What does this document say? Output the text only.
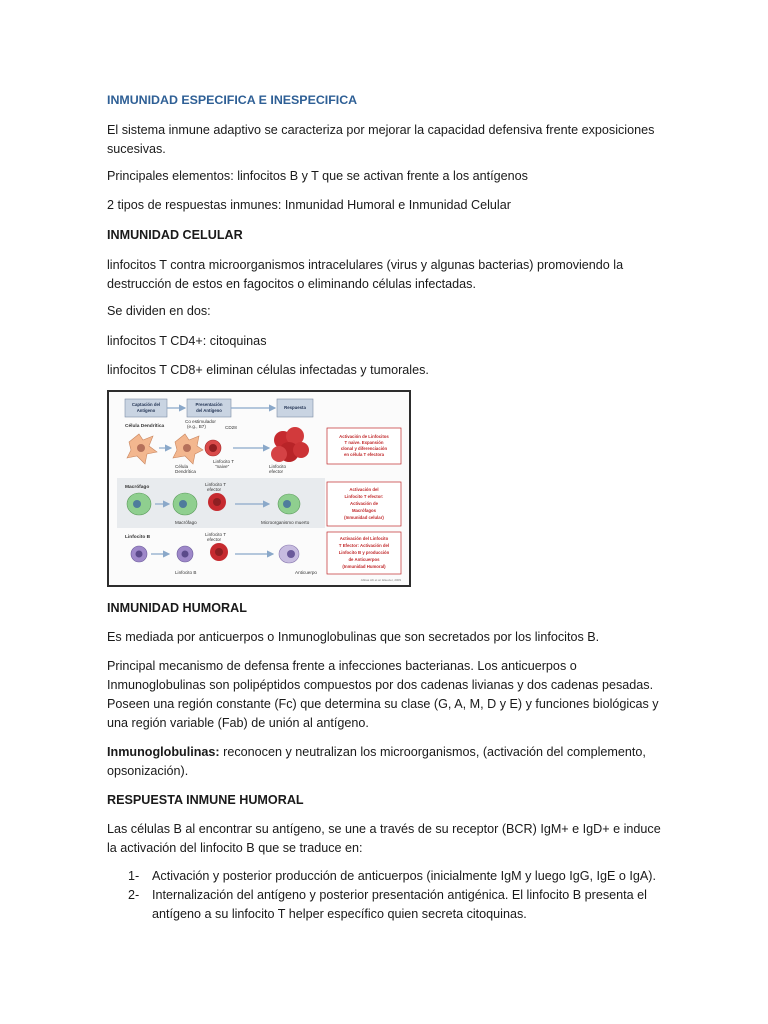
INMUNIDAD ESPECIFICA E INESPECIFICA

El sistema inmune adaptivo se caracteriza por mejorar la capacidad defensiva frente exposiciones sucesivas.

Principales elementos: linfocitos B y T que se activan frente a los antígenos

2 tipos de respuestas inmunes: Inmunidad Humoral e Inmunidad Celular

INMUNIDAD CELULAR

linfocitos T contra microorganismos intracelulares (virus y algunas bacterias) promoviendo la destrucción de estos en fagocitos o eliminando células infectadas.

Se dividen en dos:

linfocitos T CD4+: citoquinas

linfocitos T CD8+ eliminan células infectadas y tumorales.

Captación del
Antígeno
Presentación
del Antígeno
Respuesta
Célula Dendrítica
Co estimulador
(e.g., B7)	CD28
Célula
Dendrítica
Linfocito T
"naive"	Linfocito
efector
Activación de Linfocitos
T naive. Expansión
clonal y diferenciación
en célula T efectora
Macrófago
Linfocito T
efector
Macrófago	Microorganismo muerto
Activación del
Linfocito T efector:
Activación de
Macrófagos
(Inmunidad celular)
Linfocito B
Linfocito T
efector
Linfocito B	Anticuerpo
Activación del Linfocito
T Efector: Activación del
Linfocito B y producción
de Anticuerpos
(Inmunidad Humoral)
Abbas AK et al. Elsevier, 2009
INMUNIDAD HUMORAL

Es mediada por anticuerpos o Inmunoglobulinas que son secretados por los linfocitos B.

Principal mecanismo de defensa frente a infecciones bacterianas. Los anticuerpos o Inmunoglobulinas son polipéptidos compuestos por dos cadenas livianas y dos cadenas pesadas. Poseen una región constante (Fc) que determina su clase (G, A, M, D y E) y funciones biológicas y una región variable (Fab) de unión al antígeno.

Inmunoglobulinas: reconocen y neutralizan los microorganismos, (activación del complemento, opsonización).

RESPUESTA INMUNE HUMORAL

Las células B al encontrar su antígeno, se une a través de su receptor (BCR) IgM+ e IgD+ e induce la activación del linfocito B que se traduce en:

1- Activación y posterior producción de anticuerpos (inicialmente IgM y luego IgG, IgE o IgA).
2- Internalización del antígeno y posterior presentación antigénica. El linfocito B presenta el antígeno a su linfocito T helper específico quien secreta citoquinas.
